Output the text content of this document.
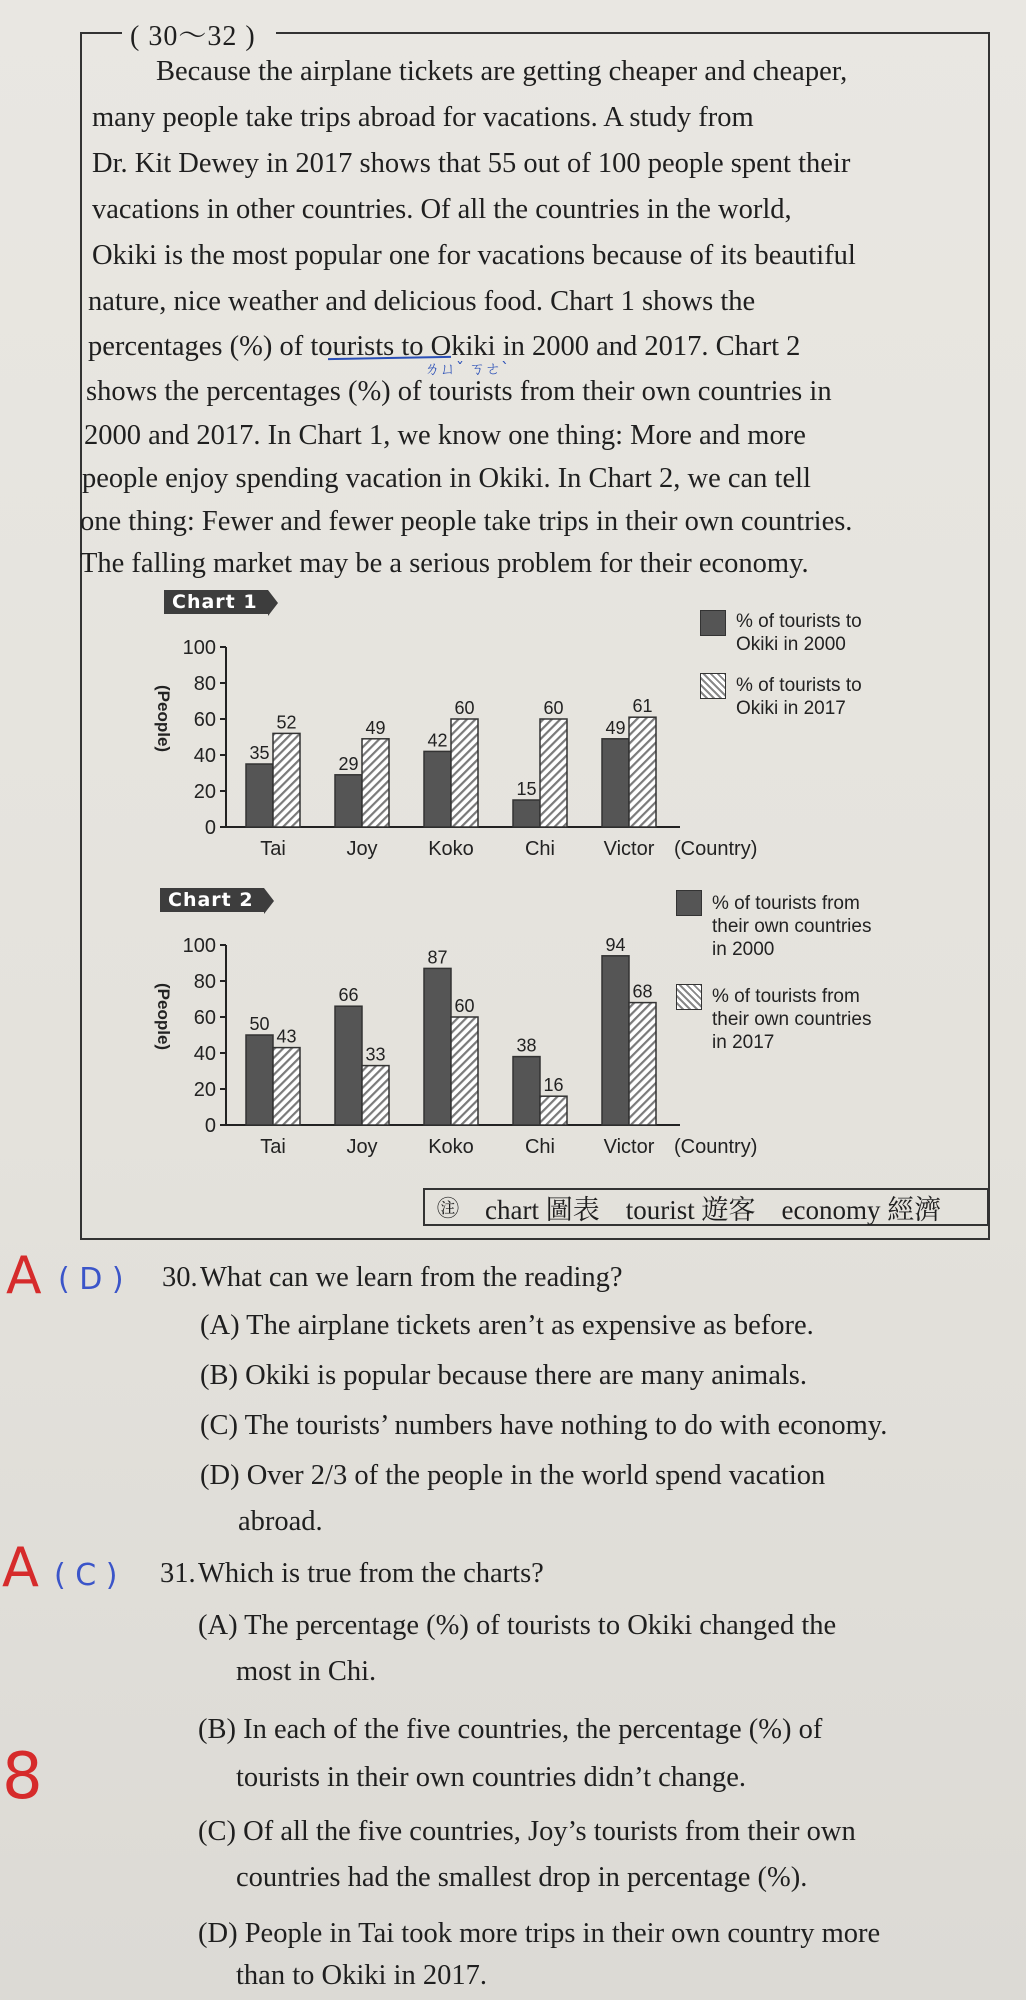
( 30～32 )
Because the airplane tickets are getting cheaper and cheaper,
many people take trips abroad for vacations. A study from
Dr. Kit Dewey in 2017 shows that 55 out of 100 people spent their
vacations in other countries. Of all the countries in the world,
Okiki is the most popular one for vacations because of its beautiful
nature, nice weather and delicious food. Chart 1 shows the
percentages (%) of tourists to Okiki in 2000 and 2017. Chart 2
ㄌㄩˇ ㄎㄜˋ
shows the percentages (%) of tourists from their own countries in
2000 and 2017. In Chart 1, we know one thing: More and more
people enjoy spending vacation in Okiki. In Chart 2, we can tell
one thing: Fewer and fewer people take trips in their own countries.
The falling market may be a serious problem for their economy.
Chart 1
(People)
0
20
40
60
80
100
35
52
Tai
29
49
Joy
42
60
Koko
15
60
Chi
49
61
Victor (Country)
% of tourists to
Okiki in 2000
% of tourists to
Okiki in 2017
Chart 2
(People)
0
20
40
60
80
100
50
43
Tai
66
33
Joy
87
60
Koko
38
16
Chi
94
68
Victor (Country)
% of tourists from
their own countries
in 2000
% of tourists from
their own countries
in 2017
㊟ chart 圖表 tourist 遊客 economy 經濟
A ( D ) 30. What can we learn from the reading?
(A) The airplane tickets aren’t as expensive as before.
(B) Okiki is popular because there are many animals.
(C) The tourists’ numbers have nothing to do with economy.
(D) Over 2/3 of the people in the world spend vacation
abroad.
A ( C ) 31. Which is true from the charts?
(A) The percentage (%) of tourists to Okiki changed the
most in Chi.
8
(B) In each of the five countries, the percentage (%) of
tourists in their own countries didn’t change.
(C) Of all the five countries, Joy’s tourists from their own
countries had the smallest drop in percentage (%).
(D) People in Tai took more trips in their own country more
than to Okiki in 2017.
